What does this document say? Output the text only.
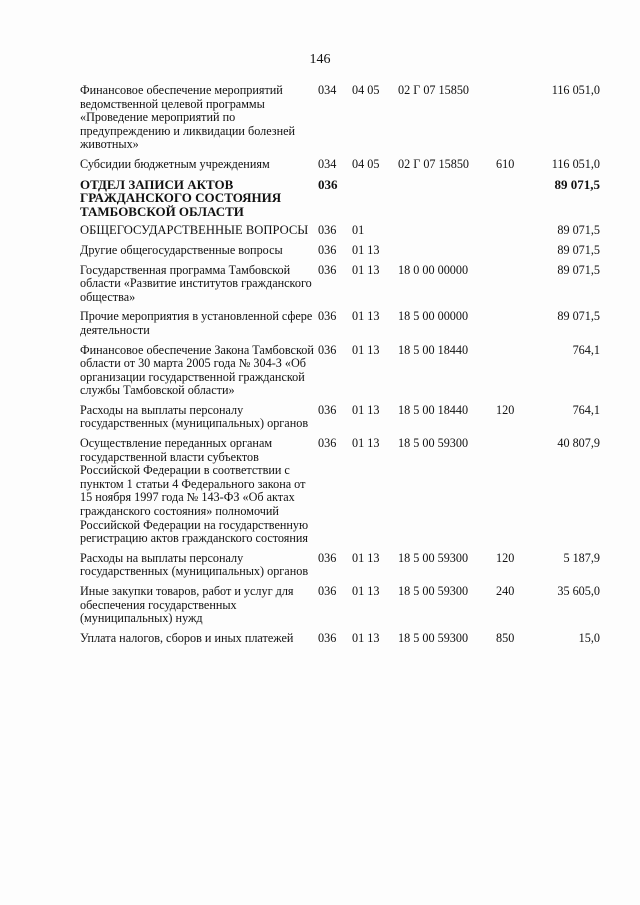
146
Финансовое обеспечение мероприятий ведомственной целевой программы «Проведение мероприятий по предупреждению и ликвидации болезней животных»	034	04 05	02 Г 07 15850		116 051,0
Субсидии бюджетным учреждениям	034	04 05	02 Г 07 15850	610	116 051,0
ОТДЕЛ ЗАПИСИ АКТОВ ГРАЖДАНСКОГО СОСТОЯНИЯ ТАМБОВСКОЙ ОБЛАСТИ	036				89 071,5
ОБЩЕГОСУДАРСТВЕННЫЕ ВОПРОСЫ	036	01			89 071,5
Другие общегосударственные вопросы	036	01 13			89 071,5
Государственная программа Тамбовской области «Развитие институтов гражданского общества»	036	01 13	18 0 00 00000		89 071,5
Прочие мероприятия в установленной сфере деятельности	036	01 13	18 5 00 00000		89 071,5
Финансовое обеспечение Закона Тамбовской области от 30 марта 2005 года № 304-З «Об организации государственной гражданской службы Тамбовской области»	036	01 13	18 5 00 18440		764,1
Расходы на выплаты персоналу государственных (муниципальных) органов	036	01 13	18 5 00 18440	120	764,1
Осуществление переданных органам государственной власти субъектов Российской Федерации в соответствии с пунктом 1 статьи 4 Федерального закона от 15 ноября 1997 года № 143-ФЗ «Об актах гражданского состояния» полномочий Российской Федерации на государственную регистрацию актов гражданского состояния	036	01 13	18 5 00 59300		40 807,9
Расходы на выплаты персоналу государственных (муниципальных) органов	036	01 13	18 5 00 59300	120	5 187,9
Иные закупки товаров, работ и услуг для обеспечения государственных (муниципальных) нужд	036	01 13	18 5 00 59300	240	35 605,0
Уплата налогов, сборов и иных платежей	036	01 13	18 5 00 59300	850	15,0
